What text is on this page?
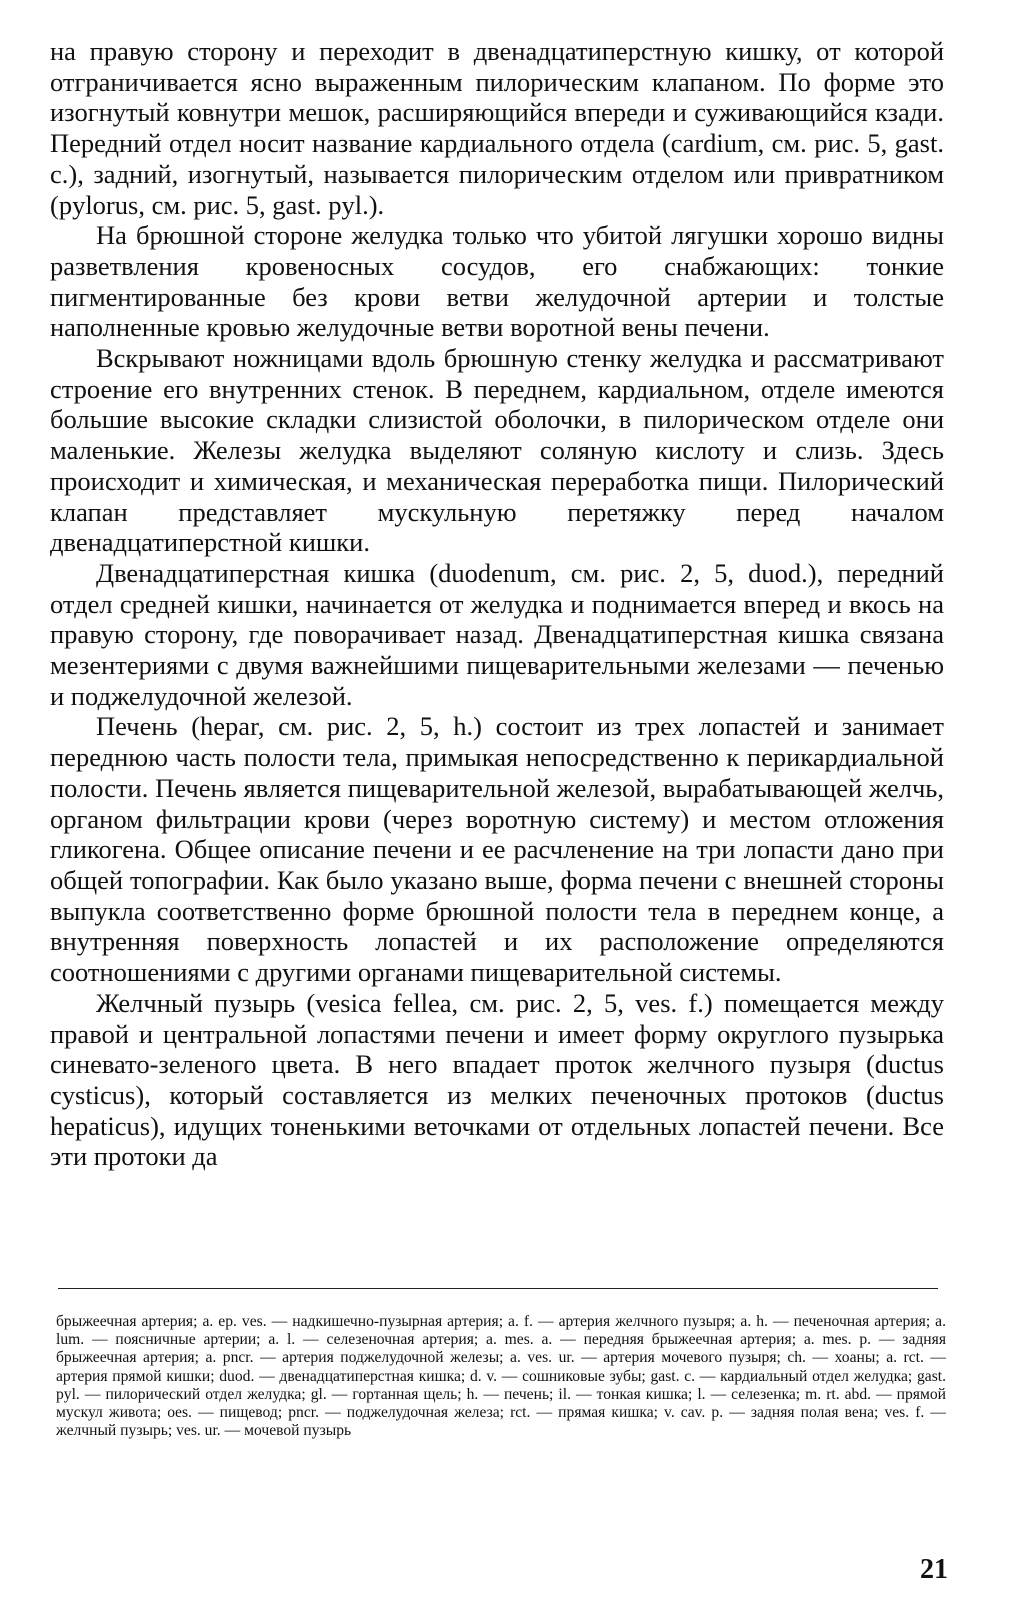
на правую сторону и переходит в двенадцатиперстную кишку, от которой отграничивается ясно выраженным пилорическим клапаном. По форме это изогнутый ковнутри мешок, расширяющийся впереди и суживающийся кзади. Передний отдел носит название кардиального отдела (cardium, см. рис. 5, gast. c.), задний, изогнутый, называется пилорическим отделом или привратником (pylorus, см. рис. 5, gast. pyl.).

На брюшной стороне желудка только что убитой лягушки хорошо видны разветвления кровеносных сосудов, его снабжающих: тонкие пигментированные без крови ветви желудочной артерии и толстые наполненные кровью желудочные ветви воротной вены печени.

Вскрывают ножницами вдоль брюшную стенку желудка и рассматривают строение его внутренних стенок. В переднем, кардиальном, отделе имеются большие высокие складки слизистой оболочки, в пилорическом отделе они маленькие. Железы желудка выделяют соляную кислоту и слизь. Здесь происходит и химическая, и механическая переработка пищи. Пилорический клапан представляет мускульную перетяжку перед началом двенадцатиперстной кишки.

Двенадцатиперстная кишка (duodenum, см. рис. 2, 5, duod.), передний отдел средней кишки, начинается от желудка и поднимается вперед и вкось на правую сторону, где поворачивает назад. Двенадцатиперстная кишка связана мезентериями с двумя важнейшими пищеварительными железами — печенью и поджелудочной железой.

Печень (hepar, см. рис. 2, 5, h.) состоит из трех лопастей и занимает переднюю часть полости тела, примыкая непосредственно к перикардиальной полости. Печень является пищеварительной железой, вырабатывающей желчь, органом фильтрации крови (через воротную систему) и местом отложения гликогена. Общее описание печени и ее расчленение на три лопасти дано при общей топографии. Как было указано выше, форма печени с внешней стороны выпукла соответственно форме брюшной полости тела в переднем конце, а внутренняя поверхность лопастей и их расположение определяются соотношениями с другими органами пищеварительной системы.

Желчный пузырь (vesica fellea, см. рис. 2, 5, ves. f.) помещается между правой и центральной лопастями печени и имеет форму округлого пузырька синевато-зеленого цвета. В него впадает проток желчного пузыря (ductus cysticus), который составляется из мелких печеночных протоков (ductus hepaticus), идущих тоненькими веточками от отдельных лопастей печени. Все эти протоки да

брыжеечная артерия; a. ep. ves. — надкишечно-пузырная артерия; a. f. — артерия желчного пузыря; a. h. — печеночная артерия; a. lum. — поясничные артерии; a. l. — селезеночная артерия; a. mes. a. — передняя брыжеечная артерия; a. mes. p. — задняя брыжеечная артерия; a. pncr. — артерия поджелудочной железы; a. ves. ur. — артерия мочевого пузыря; ch. — хоаны; a. rct. — артерия прямой кишки; duod. — двенадцатиперстная кишка; d. v. — сошниковые зубы; gast. c. — кардиальный отдел желудка; gast. pyl. — пилорический отдел желудка; gl. — гортанная щель; h. — печень; il. — тонкая кишка; l. — селезенка; m. rt. abd. — прямой мускул живота; oes. — пищевод; pncr. — поджелудочная железа; rct. — прямая кишка; v. cav. p. — задняя полая вена; ves. f. — желчный пузырь; ves. ur. — мочевой пузырь
21
